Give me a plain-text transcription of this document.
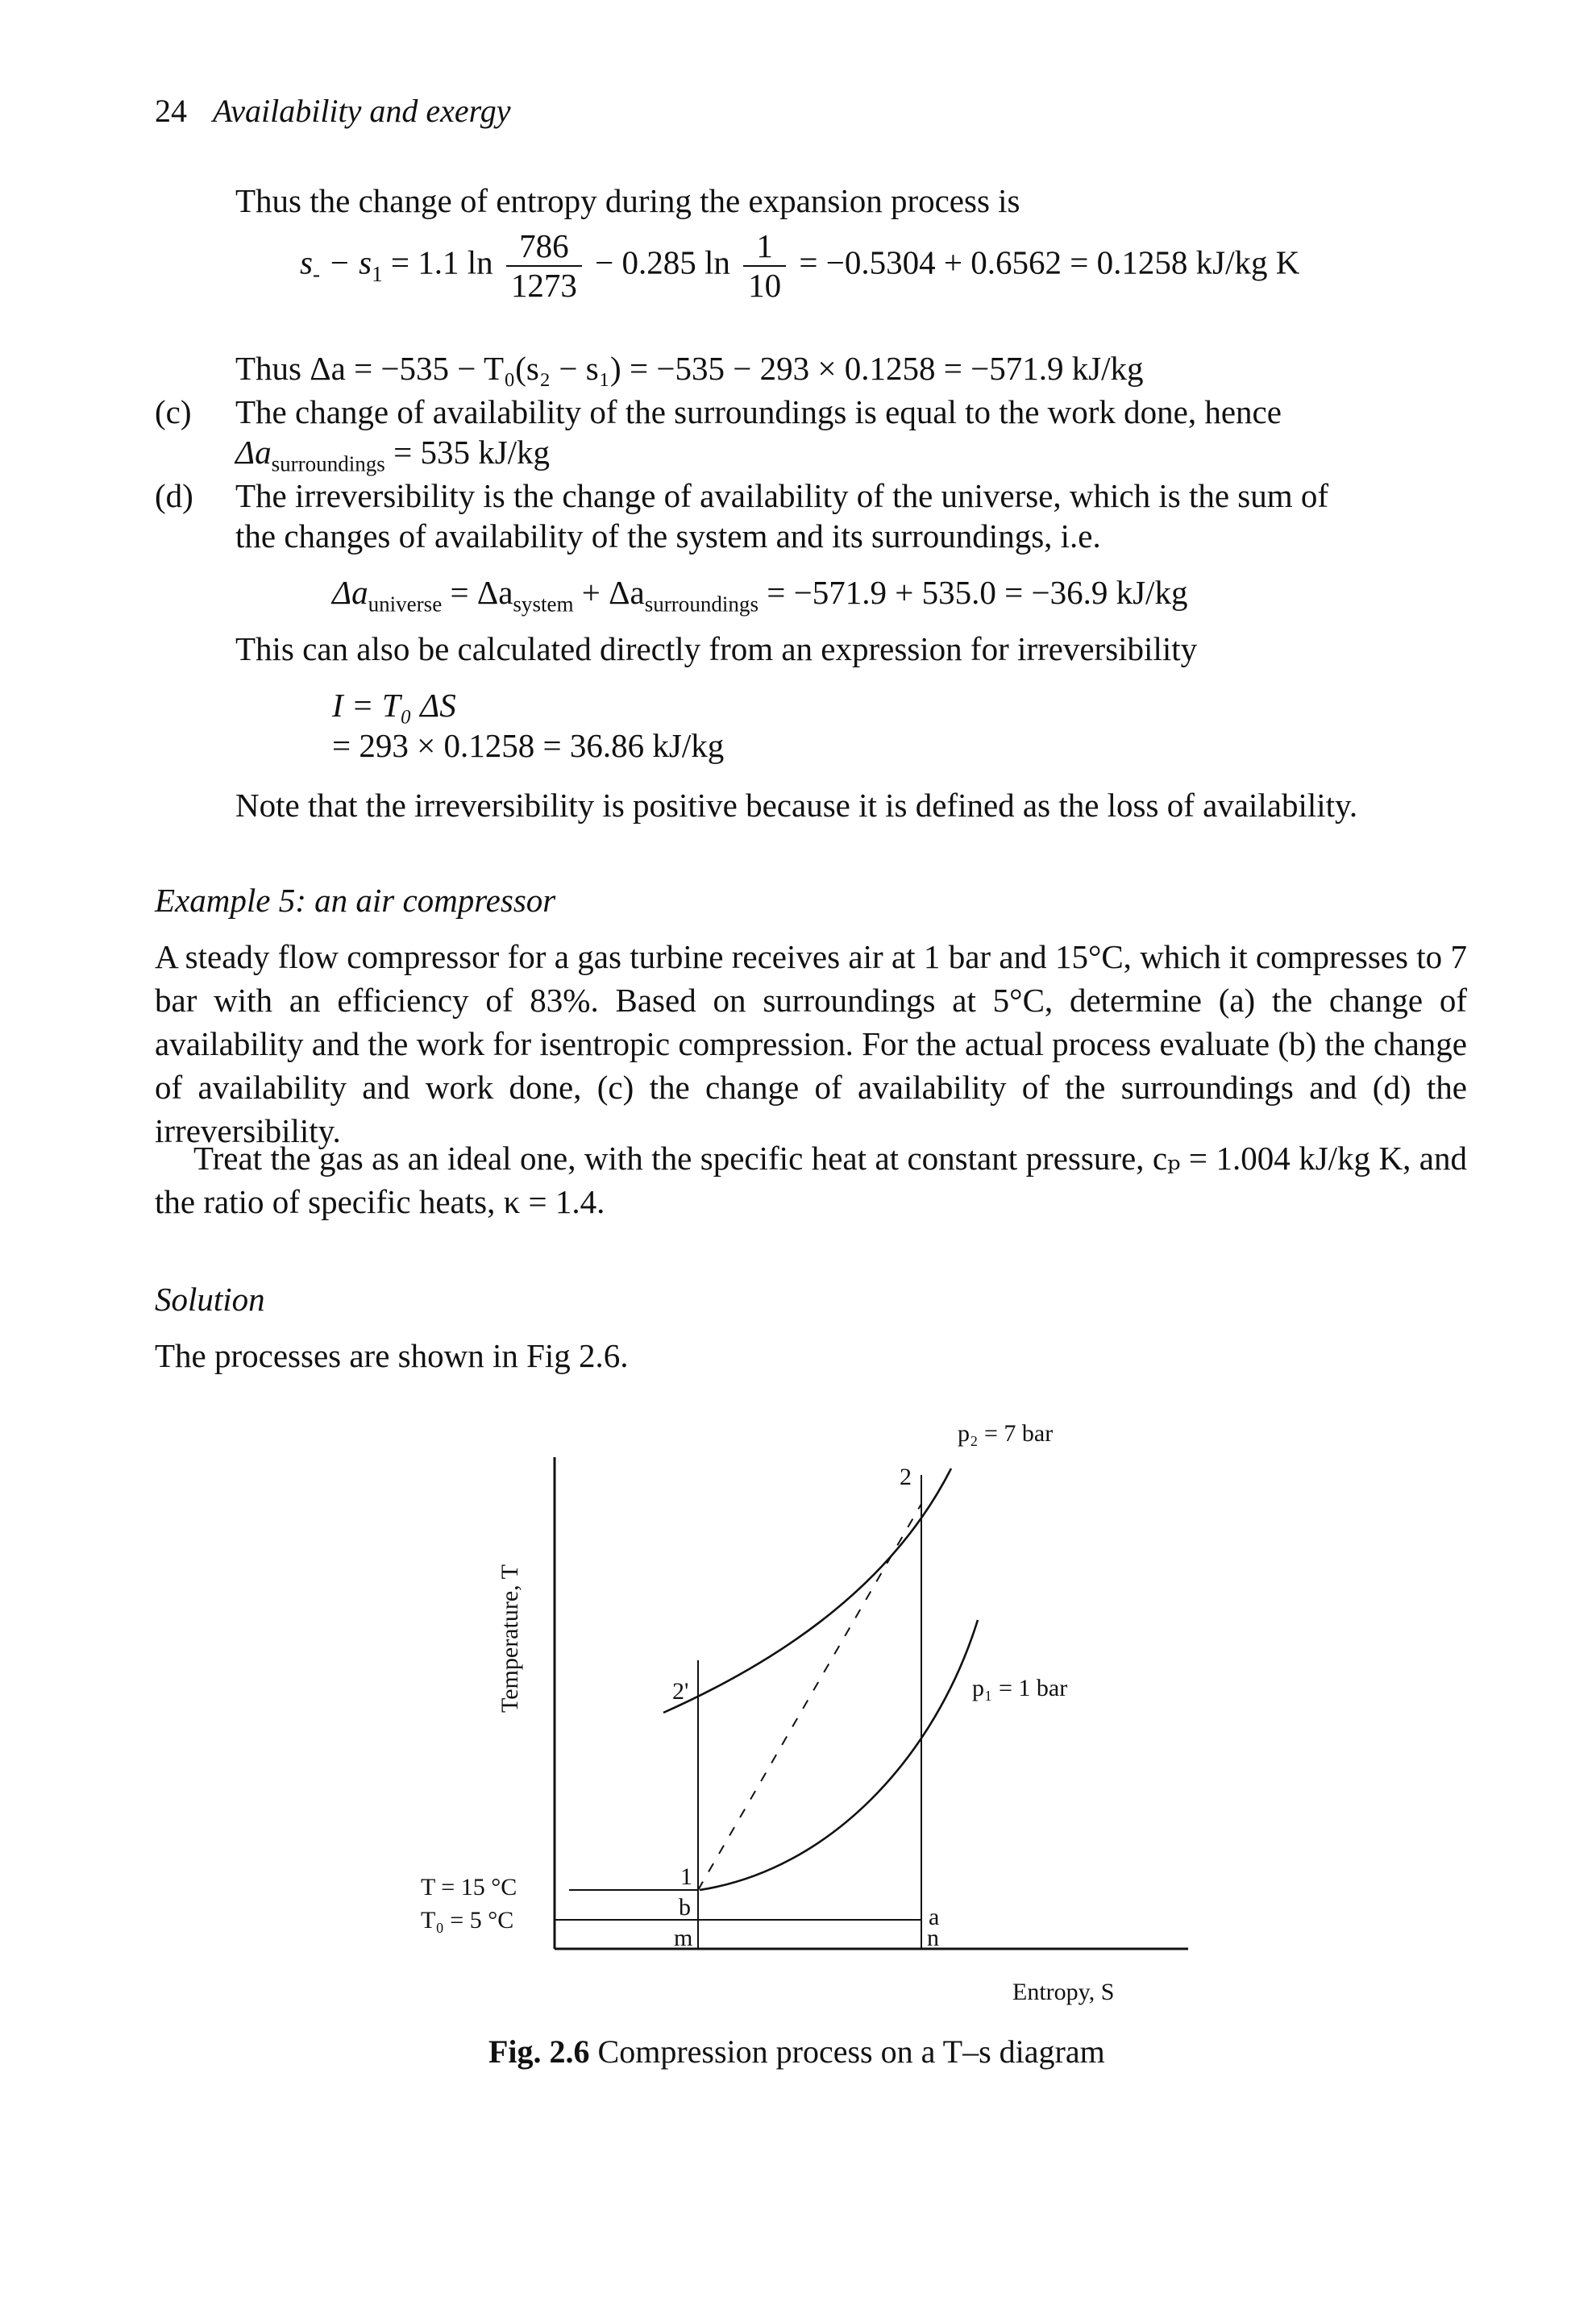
24 Availability and exergy
Thus the change of entropy during the expansion process is
$s_‐ - s_1 = 1.1$ $\ln \frac{786}{1273} - 0.285$ $\ln \frac{1}{10} = -0.5304 + 0.6562 = 0.1258$ kJ/kg K
Thus Δa = −535 − T₀(s₂ − s₁) = −535 − 293 × 0.1258 = −571.9 kJ/kg
(c) The change of availability of the surroundings is equal to the work done, hence
$\Delta a_{surroundings} = 535$ kJ/kg
(d) The irreversibility is the change of availability of the universe, which is the sum of
the changes of availability of the system and its surroundings, i.e.
$\Delta a_{universe} = \Delta a_{system} + \Delta a_{surroundings} = -571.9 + 535.0 = -36.9$ kJ/kg
This can also be calculated directly from an expression for irreversibility
I = T₀ ΔS
= 293 × 0.1258 = 36.86 kJ/kg
Note that the irreversibility is positive because it is defined as the loss of availability.
Example 5: an air compressor
A steady flow compressor for a gas turbine receives air at 1 bar and 15°C, which it compresses to 7 bar with an efficiency of 83%. Based on surroundings at 5°C, determine (a) the change of availability and the work for isentropic compression. For the actual process evaluate (b) the change of availability and work done, (c) the change of availability of the surroundings and (d) the irreversibility.
Treat the gas as an ideal one, with the specific heat at constant pressure, cₚ = 1.004 kJ/kg K, and the ratio of specific heats, κ = 1.4.
Solution
The processes are shown in Fig 2.6.
Temperature, T
Entropy, S
p₂ = 7 bar
p₁ = 1 bar
2
2'
1
b	a
m	n
T = 15 °C
T₀ = 5 °C
Fig. 2.6 Compression process on a T–s diagram
